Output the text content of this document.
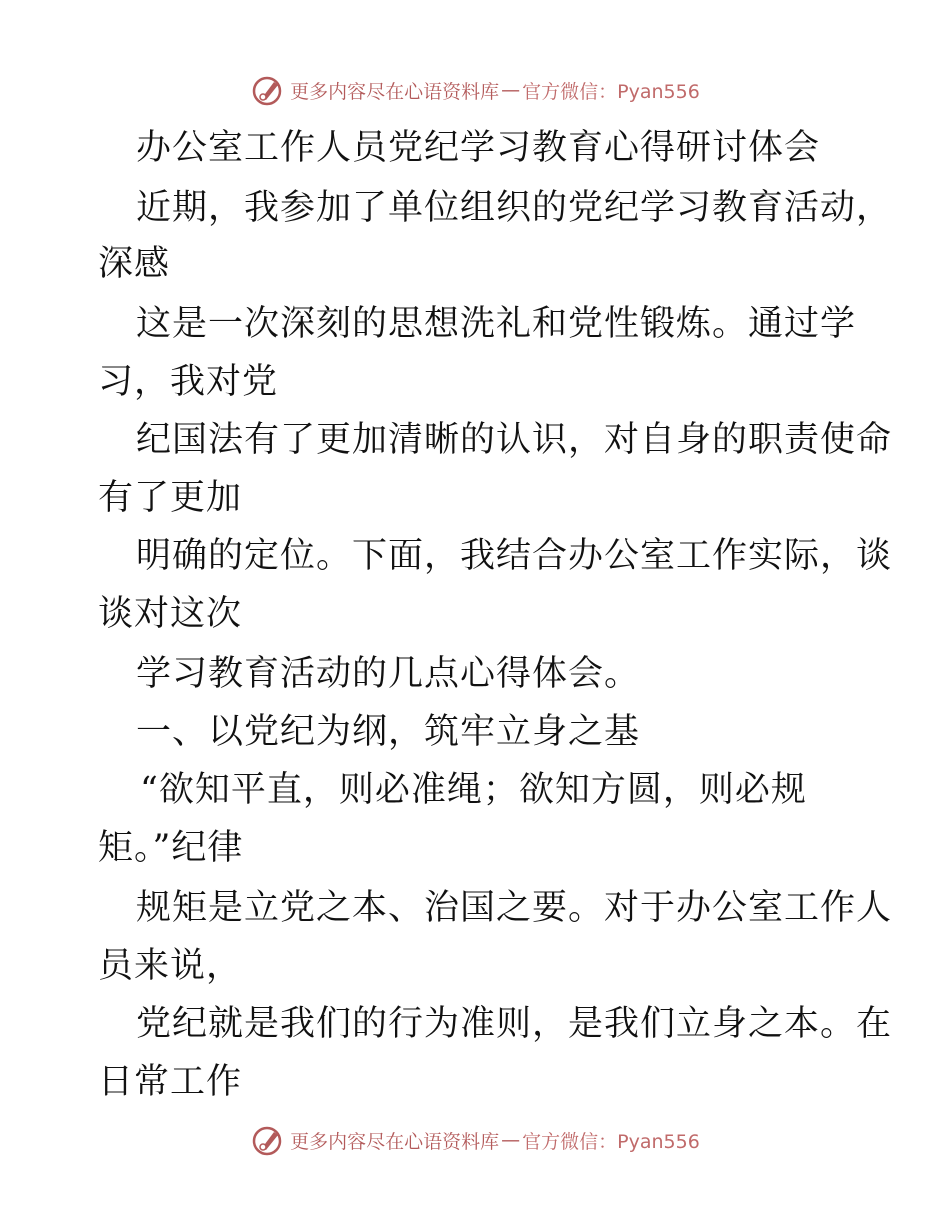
更多内容尽在心语资料库 — 官方微信：Pyan556
办公室工作人员党纪学习教育心得研讨体会
近期，我参加了单位组织的党纪学习教育活动，
深感
这是一次深刻的思想洗礼和党性锻炼。通过学
习，我对党
纪国法有了更加清晰的认识，对自身的职责使命
有了更加
明确的定位。下面，我结合办公室工作实际，谈
谈对这次
学习教育活动的几点心得体会。
一、以党纪为纲，筑牢立身之基
“欲知平直，则必准绳；欲知方圆，则必规
矩。”纪律
规矩是立党之本、治国之要。对于办公室工作人
员来说，
党纪就是我们的行为准则，是我们立身之本。在
日常工作
更多内容尽在心语资料库 — 官方微信：Pyan556
